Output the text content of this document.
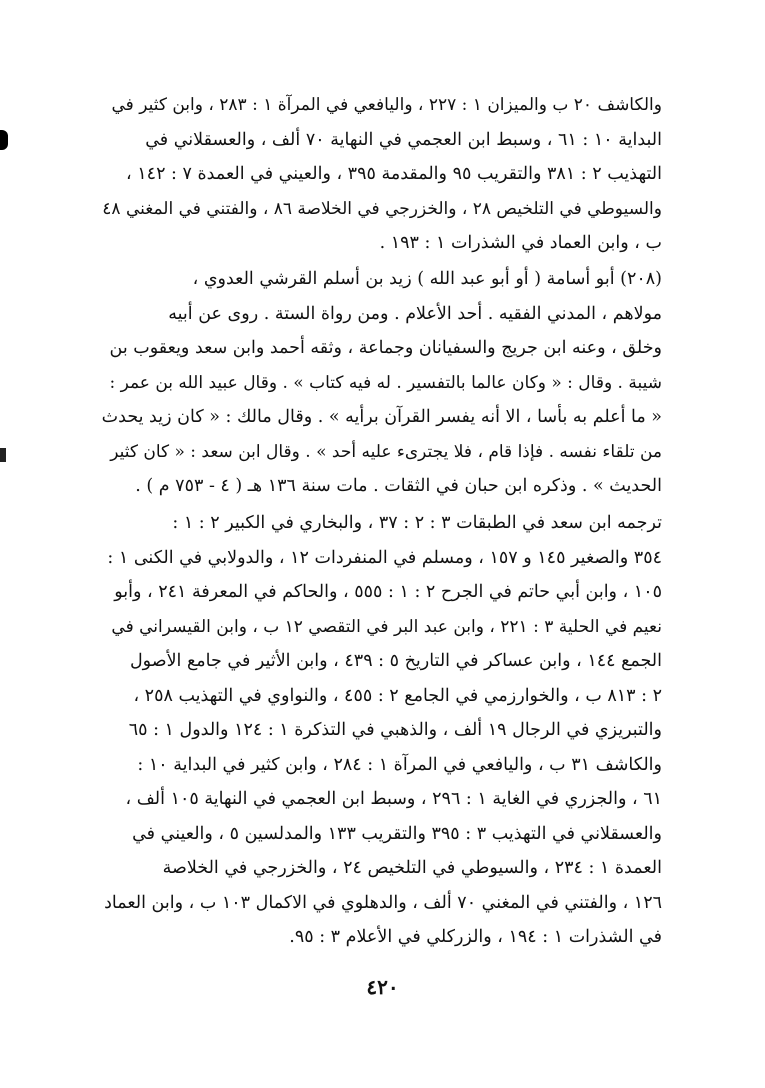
والكاشف ٢٠ ب والميزان ١ : ٢٢٧ ، واليافعي في المرآة ١ : ٢٨٣ ، وابن كثير في
البداية ١٠ : ٦١ ، وسبط ابن العجمي في النهاية ٧٠ ألف ، والعسقلاني في
التهذيب ٢ : ٣٨١ والتقريب ٩٥ والمقدمة ٣٩٥ ، والعيني في العمدة ٧ : ١٤٢ ،
والسيوطي في التلخيص ٢٨ ، والخزرجي في الخلاصة ٨٦ ، والفتني في المغني ٤٨
ب ، وابن العماد في الشذرات ١ : ١٩٣ .
(٢٠٨) أبو أسامة ( أو أبو عبد الله ) زيد بن أسلم القرشي العدوي ،
مولاهم ، المدني الفقيه . أحد الأعلام . ومن رواة الستة . روى عن أبيه
وخلق ، وعنه ابن جريج والسفيانان وجماعة ، وثقه أحمد وابن سعد ويعقوب بن
شيبة . وقال : « وكان عالما بالتفسير . له فيه كتاب » . وقال عبيد الله بن عمر :
« ما أعلم به بأسا ، الا أنه يفسر القرآن برأيه » . وقال مالك : « كان زيد يحدث
من تلقاء نفسه . فإذا قام ، فلا يجترىء عليه أحد » . وقال ابن سعد : « كان كثير
الحديث » . وذكره ابن حبان في الثقات . مات سنة ١٣٦ هـ ( ٤ - ٧٥٣ م ) .
ترجمه ابن سعد في الطبقات ٣ : ٢ : ٣٧ ، والبخاري في الكبير ٢ : ١ :
٣٥٤ والصغير ١٤٥ و ١٥٧ ، ومسلم في المنفردات ١٢ ، والدولابي في الكنى ١ :
١٠٥ ، وابن أبي حاتم في الجرح ٢ : ١ : ٥٥٥ ، والحاكم في المعرفة ٢٤١ ، وأبو
نعيم في الحلية ٣ : ٢٢١ ، وابن عبد البر في التقصي ١٢ ب ، وابن القيسراني في
الجمع ١٤٤ ، وابن عساكر في التاريخ ٥ : ٤٣٩ ، وابن الأثير في جامع الأصول
٢ : ٨١٣ ب ، والخوارزمي في الجامع ٢ : ٤٥٥ ، والنواوي في التهذيب ٢٥٨ ،
والتبريزي في الرجال ١٩ ألف ، والذهبي في التذكرة ١ : ١٢٤ والدول ١ : ٦٥
والكاشف ٣١ ب ، واليافعي في المرآة ١ : ٢٨٤ ، وابن كثير في البداية ١٠ :
٦١ ، والجزري في الغاية ١ : ٢٩٦ ، وسبط ابن العجمي في النهاية ١٠٥ ألف ،
والعسقلاني في التهذيب ٣ : ٣٩٥ والتقريب ١٣٣ والمدلسين ٥ ، والعيني في
العمدة ١ : ٢٣٤ ، والسيوطي في التلخيص ٢٤ ، والخزرجي في الخلاصة
١٢٦ ، والفتني في المغني ٧٠ ألف ، والدهلوي في الاكمال ١٠٣ ب ، وابن العماد
في الشذرات ١ : ١٩٤ ، والزركلي في الأعلام ٣ : ٩٥.
٤٢٠
